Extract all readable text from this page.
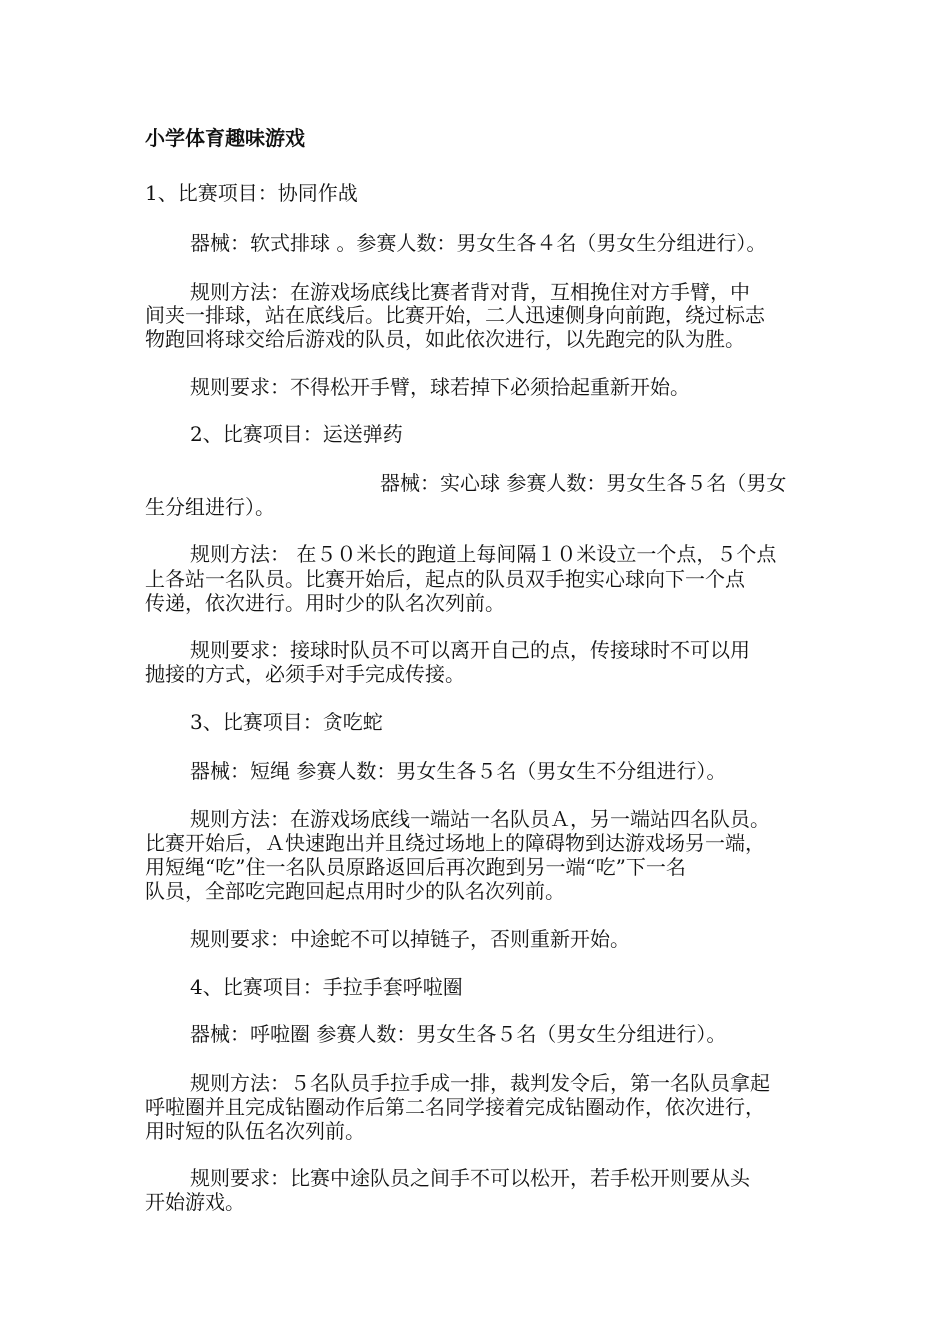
小学体育趣味游戏
1、比赛项目：协同作战
器械：软式排球 。参赛人数：男女生各４名（男女生分组进行）。
规则方法：在游戏场底线比赛者背对背，互相挽住对方手臂，中
间夹一排球，站在底线后。比赛开始，二人迅速侧身向前跑，绕过标志
物跑回将球交给后游戏的队员，如此依次进行，以先跑完的队为胜。
规则要求：不得松开手臂，球若掉下必须拾起重新开始。
2、比赛项目：运送弹药
器械：实心球 参赛人数：男女生各５名（男女
生分组进行）。
规则方法： 在５０米长的跑道上每间隔１０米设立一个点，５个点
上各站一名队员。比赛开始后，起点的队员双手抱实心球向下一个点
传递，依次进行。用时少的队名次列前。
规则要求：接球时队员不可以离开自己的点，传接球时不可以用
抛接的方式，必须手对手完成传接。
3、比赛项目：贪吃蛇
器械：短绳 参赛人数：男女生各５名（男女生不分组进行）。
规则方法：在游戏场底线一端站一名队员Ａ，另一端站四名队员。
比赛开始后，Ａ快速跑出并且绕过场地上的障碍物到达游戏场另一端，
用短绳“吃”住一名队员原路返回后再次跑到另一端“吃”下一名
队员，全部吃完跑回起点用时少的队名次列前。
规则要求：中途蛇不可以掉链子，否则重新开始。
4、比赛项目：手拉手套呼啦圈
器械：呼啦圈 参赛人数：男女生各５名（男女生分组进行）。
规则方法：５名队员手拉手成一排，裁判发令后，第一名队员拿起
呼啦圈并且完成钻圈动作后第二名同学接着完成钻圈动作，依次进行，
用时短的队伍名次列前。
规则要求：比赛中途队员之间手不可以松开，若手松开则要从头
开始游戏。
